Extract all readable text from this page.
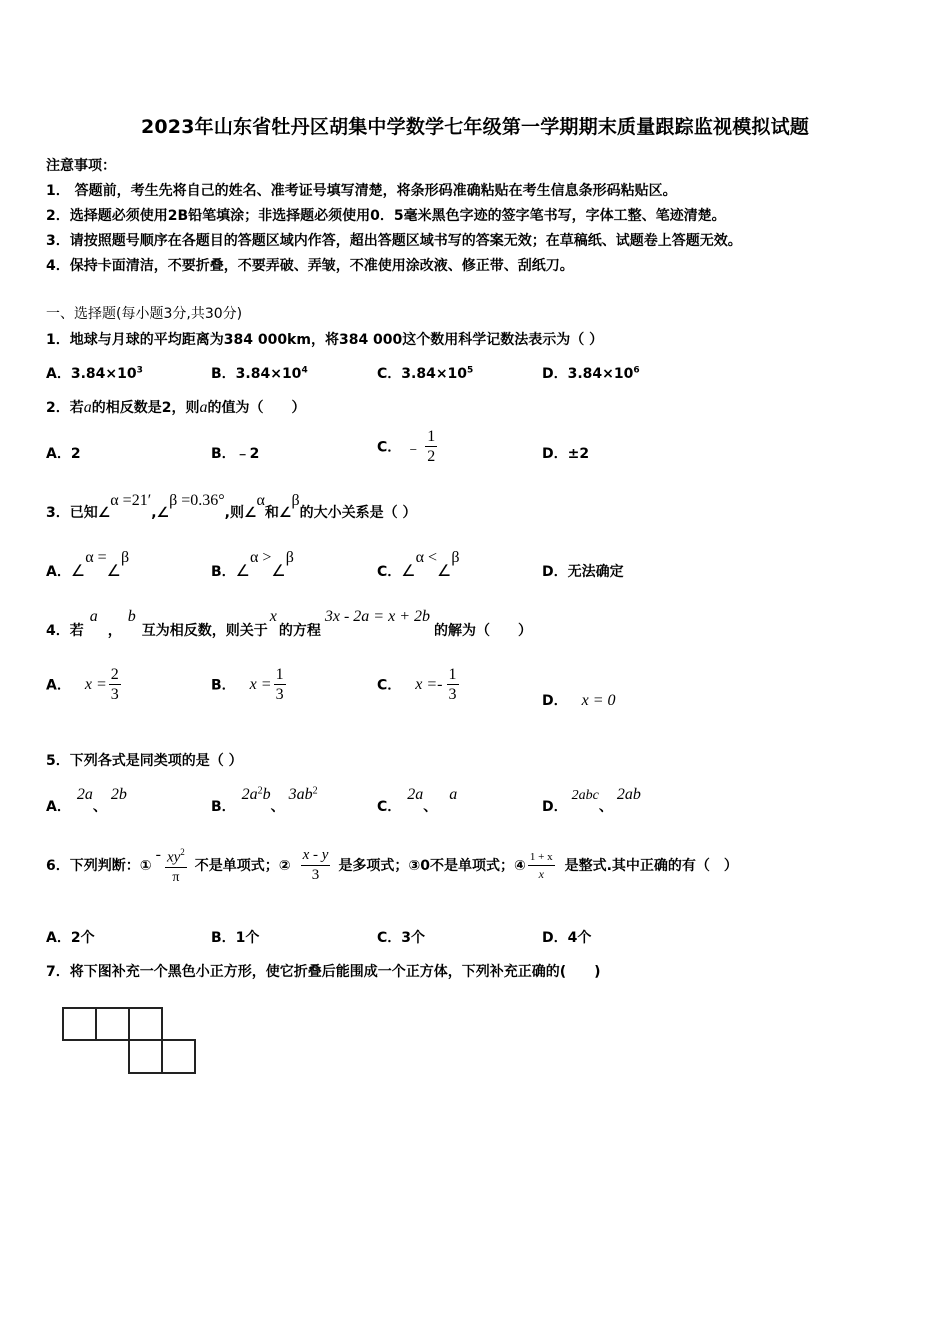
2023年山东省牡丹区胡集中学数学七年级第一学期期末质量跟踪监视模拟试题
注意事项：
1． 答题前，考生先将自己的姓名、准考证号填写清楚，将条形码准确粘贴在考生信息条形码粘贴区。
2．选择题必须使用2B铅笔填涂；非选择题必须使用0．5毫米黑色字迹的签字笔书写，字体工整、笔迹清楚。
3．请按照题号顺序在各题目的答题区域内作答，超出答题区域书写的答案无效；在草稿纸、试题卷上答题无效。
4．保持卡面清洁，不要折叠，不要弄破、弄皱，不准使用涂改液、修正带、刮纸刀。
一、选择题(每小题3分,共30分)
1．地球与月球的平均距离为384 000km，将384 000这个数用科学记数法表示为（ ）
A．$3.84\times 10^3$	B．$3.84\times 10^4$	C．$3.84\times 10^5$	D．$3.84\times 10^6$
2．若a的相反数是2，则a的值为（　　）
A．2	B．﹣2	C． ﹣ $\frac{1}{2}$	D．±2
3．已知∠α =21′,∠β =0.36°,则∠α和∠β的大小关系是（ ）
A．∠α =∠β
B．∠α >∠β
C．∠α <∠β
D．无法确定
4．若a，b互为相反数，则关于x的方程3x - 2a = x + 2b的解为（　　）
A． $x = \frac{2}{3}$	B． $x = \frac{1}{3}$	C． $x =- \frac{1}{3}$	D． x = 0
5．下列各式是同类项的是（ ）
A．2a、2b
B．$2a^2b$、$3ab^2$
C．2a、a
D．2abc、2ab
6．下列判断：①
- $\frac{xy^2}{\pi}$ 不是单项式；② $\frac{x - y}{3}$ 是多项式；③0不是单项式；④ $\frac{1 + x}{x}$ 是整式.其中正确的有（　）
A．2个	B．1个	C．3个	D．4个
7．将下图补充一个黑色小正方形，使它折叠后能围成一个正方体，下列补充正确的(　　)
